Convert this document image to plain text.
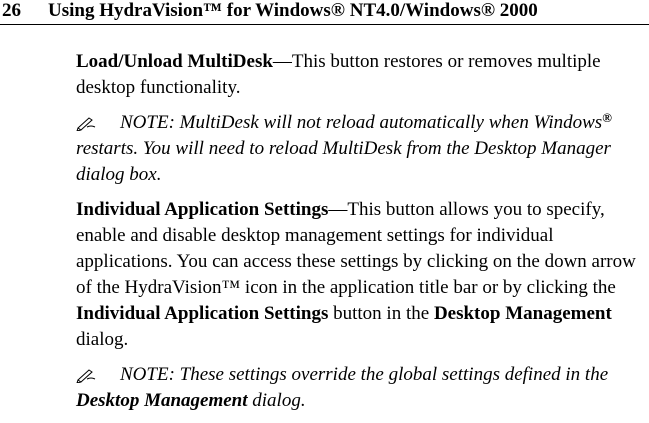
26 Using HydraVision™ for Windows® NT4.0/Windows® 2000

Load/Unload MultiDesk—This button restores or removes multiple desktop functionality.

NOTE: MultiDesk will not reload automatically when Windows® restarts. You will need to reload MultiDesk from the Desktop Manager dialog box.

Individual Application Settings—This button allows you to specify, enable and disable desktop management settings for individual applications. You can access these settings by clicking on the down arrow of the HydraVision™ icon in the application title bar or by clicking the Individual Application Settings button in the Desktop Management dialog.

NOTE: These settings override the global settings defined in the Desktop Management dialog.
